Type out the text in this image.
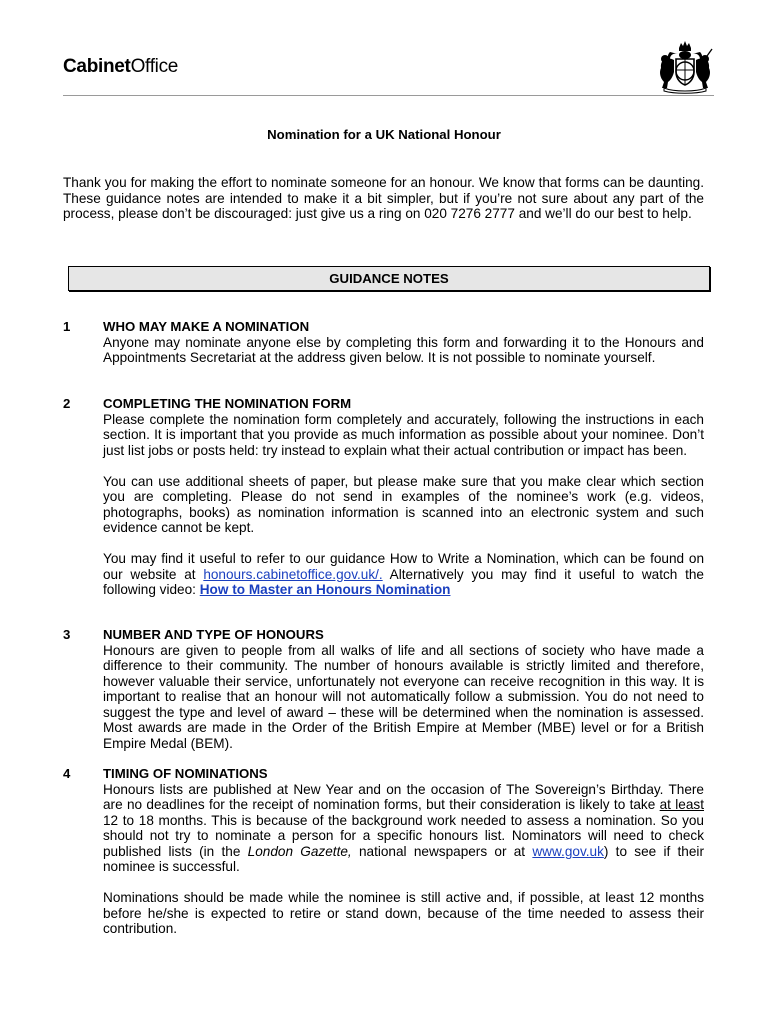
CabinetOffice
Nomination for a UK National Honour
Thank you for making the effort to nominate someone for an honour. We know that forms can be daunting. These guidance notes are intended to make it a bit simpler, but if you’re not sure about any part of the process, please don’t be discouraged: just give us a ring on 020 7276 2777 and we’ll do our best to help.
GUIDANCE NOTES
1 WHO MAY MAKE A NOMINATION

Anyone may nominate anyone else by completing this form and forwarding it to the Honours and Appointments Secretariat at the address given below. It is not possible to nominate yourself.

2 COMPLETING THE NOMINATION FORM

Please complete the nomination form completely and accurately, following the instructions in each section. It is important that you provide as much information as possible about your nominee. Don’t just list jobs or posts held: try instead to explain what their actual contribution or impact has been.

You can use additional sheets of paper, but please make sure that you make clear which section you are completing. Please do not send in examples of the nominee’s work (e.g. videos, photographs, books) as nomination information is scanned into an electronic system and such evidence cannot be kept.

You may find it useful to refer to our guidance How to Write a Nomination, which can be found on our website at honours.cabinetoffice.gov.uk/. Alternatively you may find it useful to watch the following video: How to Master an Honours Nomination

3 NUMBER AND TYPE OF HONOURS

Honours are given to people from all walks of life and all sections of society who have made a difference to their community. The number of honours available is strictly limited and therefore, however valuable their service, unfortunately not everyone can receive recognition in this way. It is important to realise that an honour will not automatically follow a submission. You do not need to suggest the type and level of award – these will be determined when the nomination is assessed. Most awards are made in the Order of the British Empire at Member (MBE) level or for a British Empire Medal (BEM).

4 TIMING OF NOMINATIONS

Honours lists are published at New Year and on the occasion of The Sovereign’s Birthday. There are no deadlines for the receipt of nomination forms, but their consideration is likely to take at least 12 to 18 months. This is because of the background work needed to assess a nomination. So you should not try to nominate a person for a specific honours list. Nominators will need to check published lists (in the London Gazette, national newspapers or at www.gov.uk) to see if their nominee is successful.

Nominations should be made while the nominee is still active and, if possible, at least 12 months before he/she is expected to retire or stand down, because of the time needed to assess their contribution.
